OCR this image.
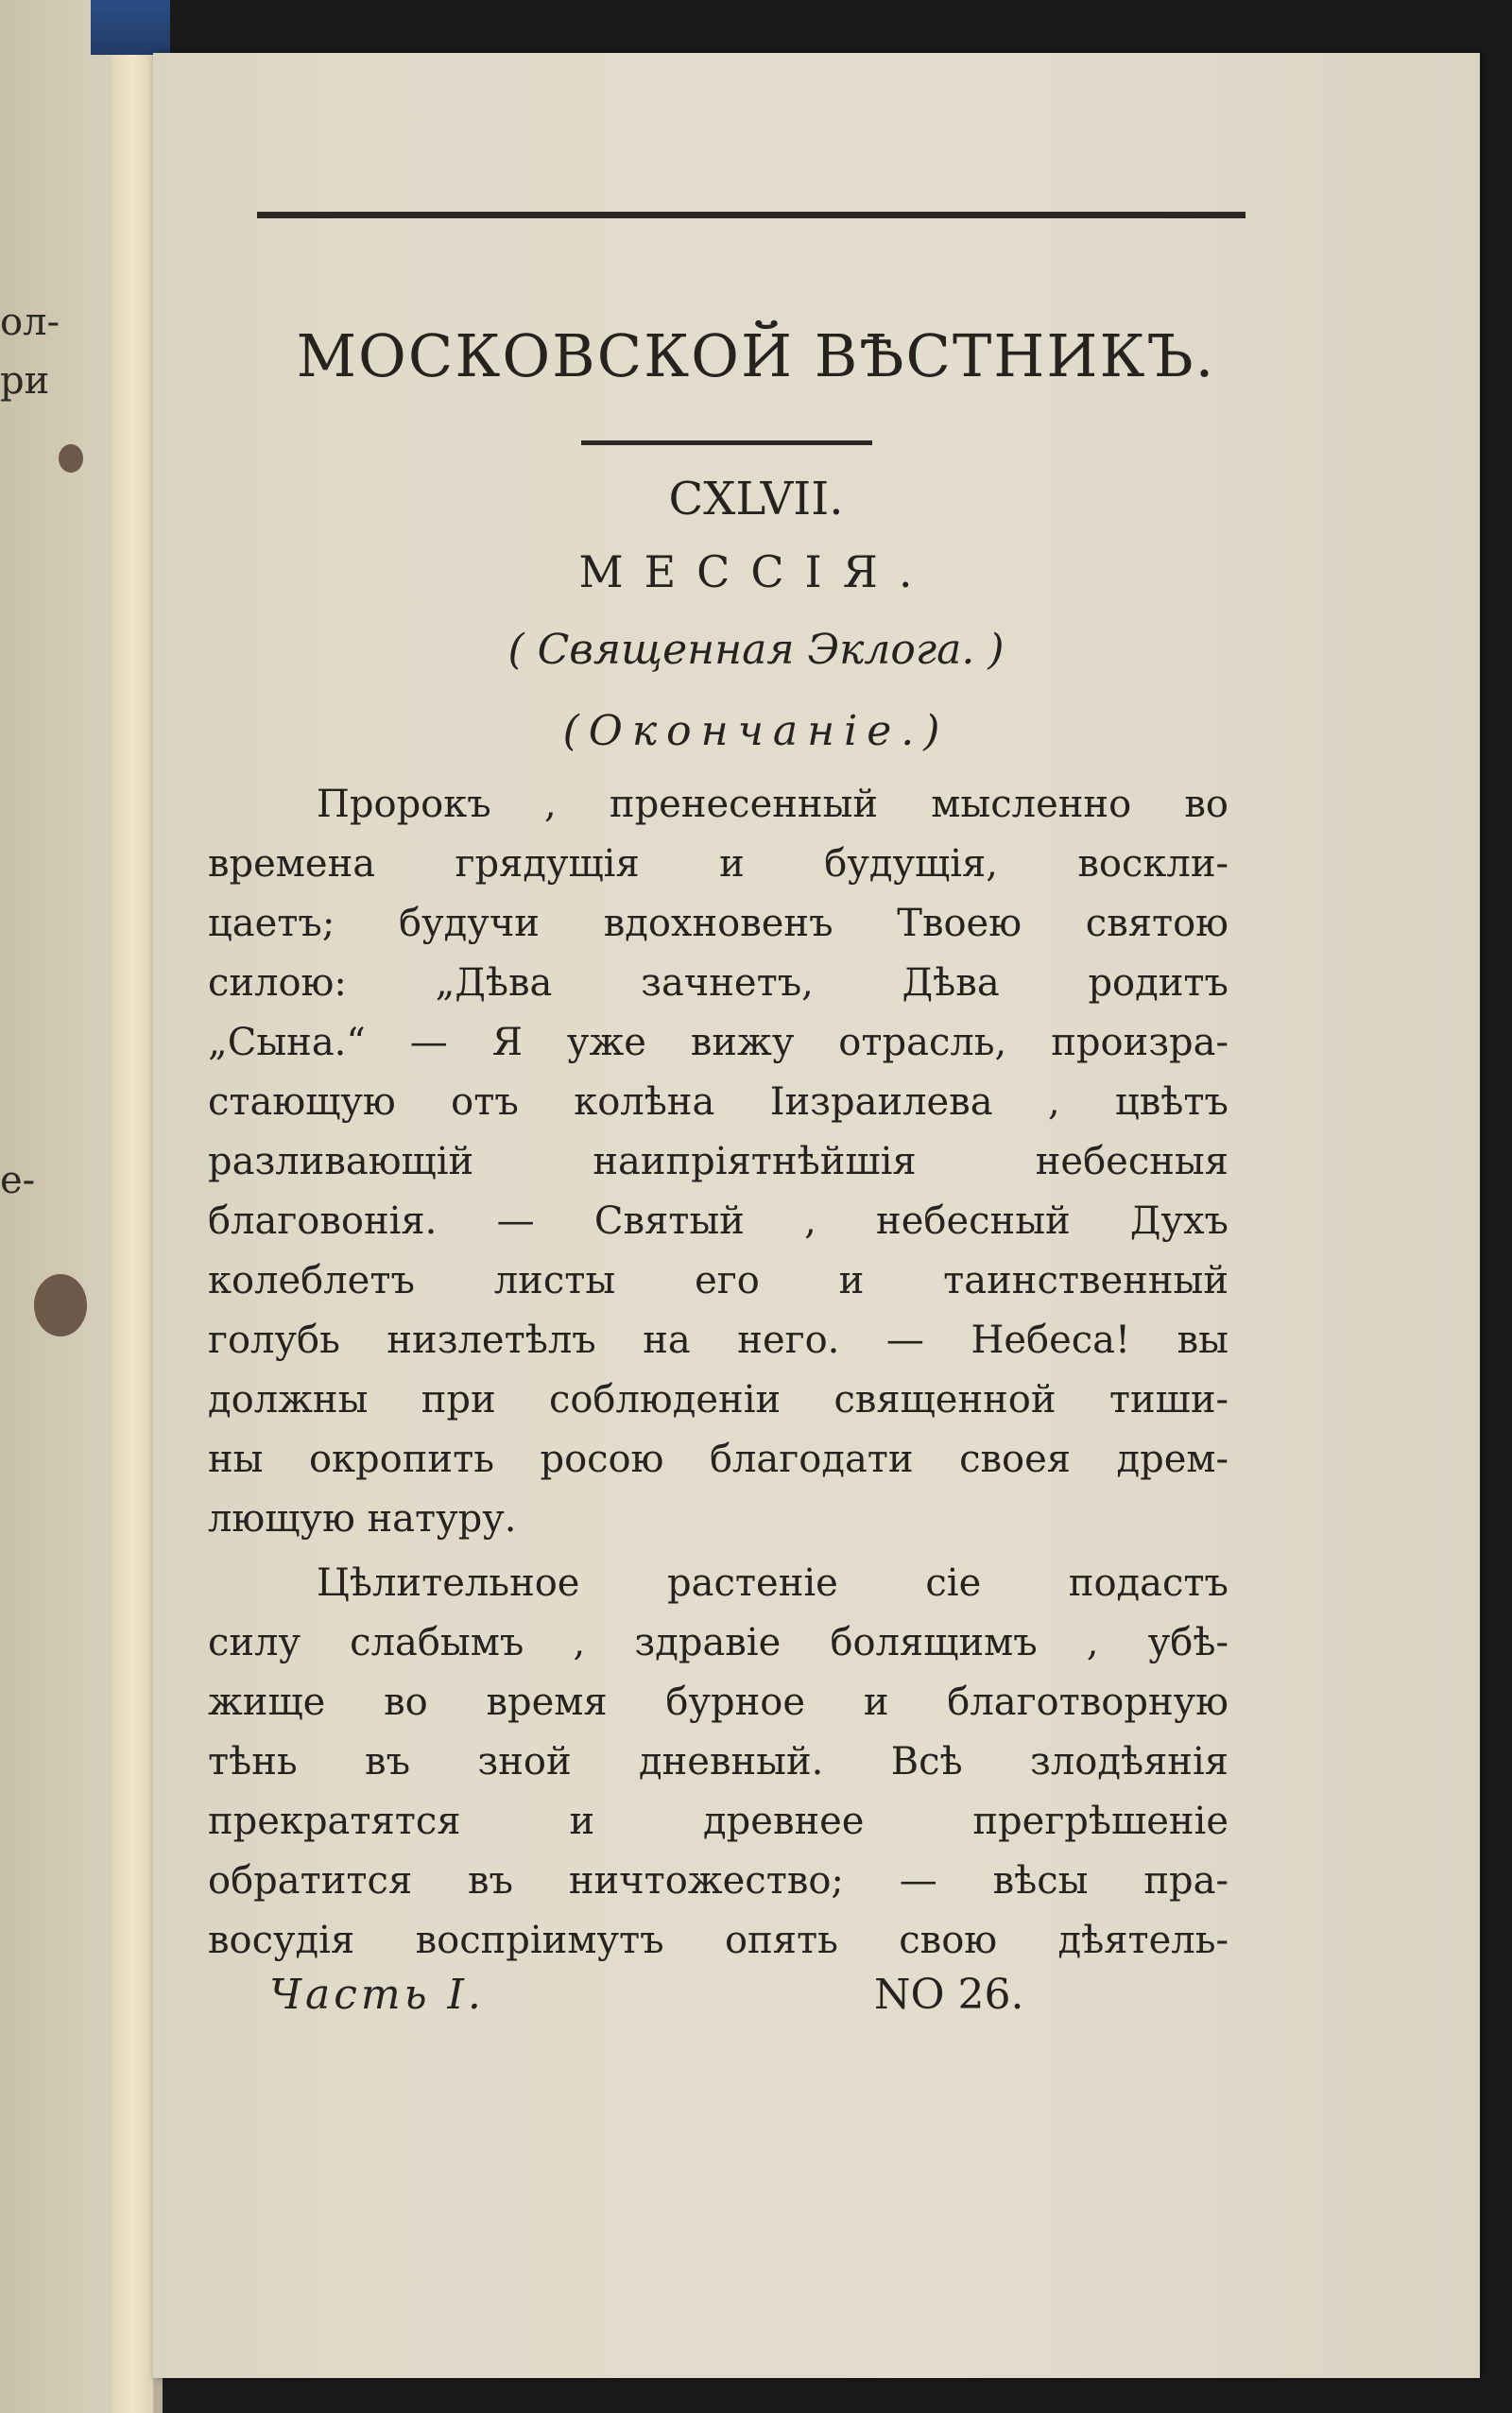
ол-
ри
е-
МОСКОВСКОЙ ВѢСТНИКЪ.
CXLVII.
МЕССІЯ.
( Священная Эклога. )
(Окончаніе.)
Пророкъ , пренесенный мысленно во
времена грядущія и будущія, воскли-
цаетъ; будучи вдохновенъ Твоею святою
силою: „Дѣва зачнетъ, Дѣва родитъ
„Сына.“ — Я уже вижу отрасль, произра-
стающую отъ колѣна Іизраилева , цвѣтъ
разливающій наипріятнѣйшія небесныя
благовонія. — Святый , небесный Духъ
колеблетъ листы его и таинственный
голубь низлетѣлъ на него. — Небеса! вы
должны при соблюденіи священной тиши-
ны окропить росою благодати своея дрем-
лющую натуру.
Цѣлительное растеніе сіе подастъ
силу слабымъ , здравіе болящимъ , убѣ-
жище во время бурное и благотворную
тѣнь въ зной дневный. Всѣ злодѣянія
прекратятся и древнее прегрѣшеніе
обратится въ ничтожество; — вѣсы пра-
восудія воспріимутъ опять свою дѣятель-
Часть I.	NO 26.
